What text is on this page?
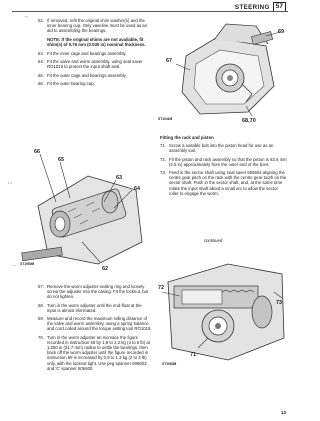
STEERING 57
~•
• •
—
62. If removed, refit the original shim washer(s) and the inner bearing cup. Only vaseline must be used as an aid to assembling the bearings.
NOTE: If the original shims are not available, fit shim(s) of 0,76 mm (0.030 in) nominal thickness.
63. Fit the inner cage and bearings assembly.
64. Fit the valve and worm assembly, using seal saver RO1015 to protect the input shaft seal.
65. Fit the outer cage and bearings assembly.
66. Fit the outer bearing cap.
69
67
68,70
ST1041M
66
65
63
64
62
ST1060M
Fitting the rack and piston
71. Screw a suitable bolt into the piston head for use as an assembly tool.
72. Fit the piston and rack assembly so that the piston is 63,5 mm (2.5 in) approximately from the outer end of the bore.
73. Feed in the sector shaft using seal saver 606604 aligning the centre gear pitch on the rack with the centre gear tooth on the sector shaft. Push in the sector shaft, and, at the same time rotate the input shaft about a small arc to allow the sector roller to engage the worm.
continued
67. Remove the worm adjuster sealing ring and loosely screw the adjuster into the casing. Fit the locknut, but do not tighten.
68. Turn in the worm adjuster until the end-float at the input is almost eliminated.
69. Measure and record the maximum rolling distance of the valve and worm assembly, using a spring balance and cord coiled around the torque setting tool RO1016.
70. Turn in the worm adjuster an increase the figure recorded in instruction 69 by 1,8 to 2,2 kg (4 to 5 lb) at 1,250 in (31.7 mm) radius to settle the bearings, then back off the worm adjuster until the figure recorded in instruction 69 is increased by 0,9 to 1,3 kg (2 to 3 lb) only, with the locknut tight. Use peg spanner 606603 and 'C' spanner 606600.
72
73
71
ST1063M
13
